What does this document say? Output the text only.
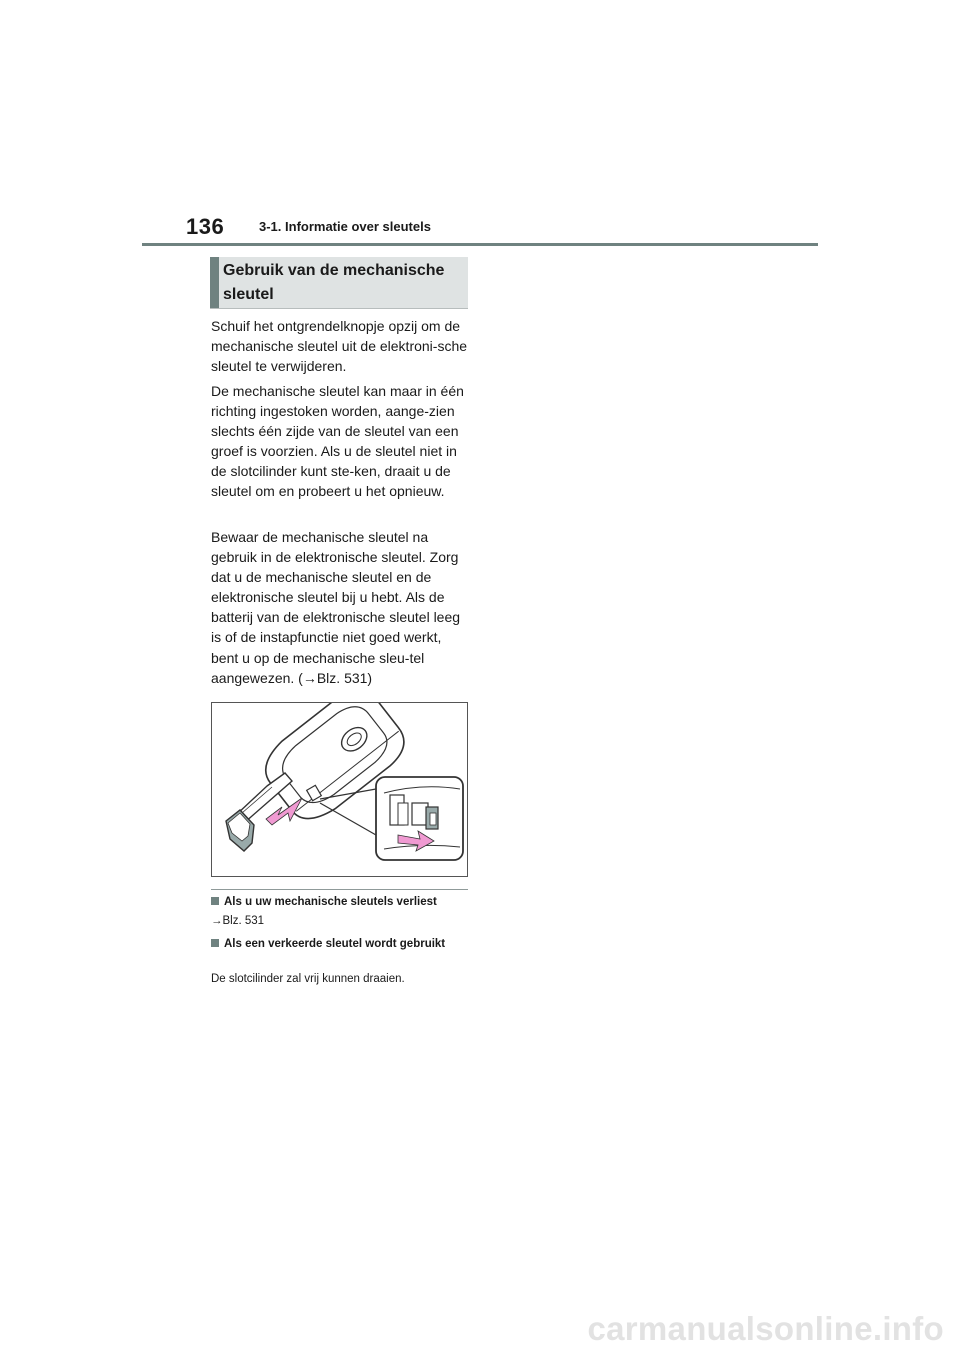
136	3-1. Informatie over sleutels
Gebruik van de mechanische sleutel

Schuif het ontgrendelknopje opzij om de mechanische sleutel uit de elektroni-sche sleutel te verwijderen.

De mechanische sleutel kan maar in één richting ingestoken worden, aange-zien slechts één zijde van de sleutel van een groef is voorzien. Als u de sleutel niet in de slotcilinder kunt ste-ken, draait u de sleutel om en probeert u het opnieuw.

Bewaar de mechanische sleutel na gebruik in de elektronische sleutel. Zorg dat u de mechanische sleutel en de elektronische sleutel bij u hebt. Als de batterij van de elektronische sleutel leeg is of de instapfunctie niet goed werkt, bent u op de mechanische sleu-tel aangewezen. (→Blz. 531)

Als u uw mechanische sleutels verliest
→Blz. 531
Als een verkeerde sleutel wordt gebruikt
De slotcilinder zal vrij kunnen draaien.
carmanualsonline.info
